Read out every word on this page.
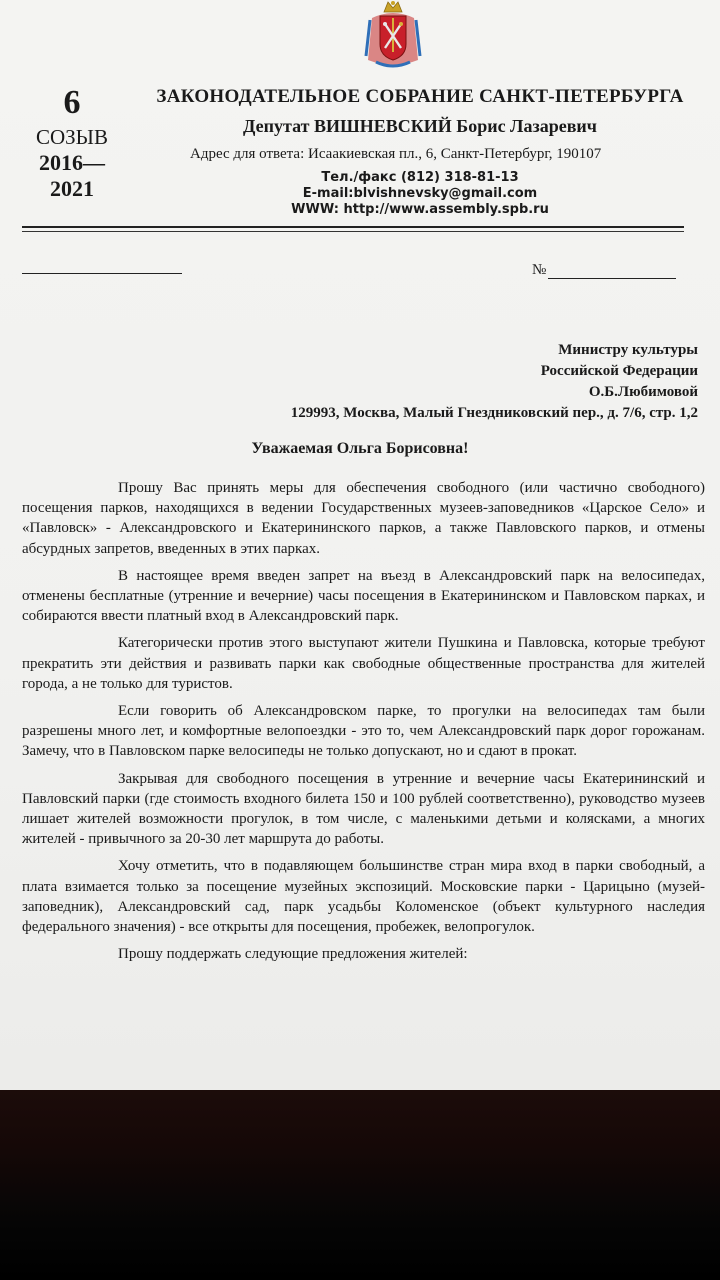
6
СОЗЫВ
2016—
2021
ЗАКОНОДАТЕЛЬНОЕ СОБРАНИЕ САНКТ-ПЕТЕРБУРГА
Депутат ВИШНЕВСКИЙ Борис Лазаревич
Адрес для ответа: Исаакиевская пл., 6, Санкт-Петербург, 190107
Тел./факс (812) 318-81-13
E-mail:blvishnevsky@gmail.com
WWW: http://www.assembly.spb.ru
№
Министру культуры
Российской Федерации
О.Б.Любимовой
129993, Москва, Малый Гнездниковский пер., д. 7/6, стр. 1,2
Уважаемая Ольга Борисовна!

Прошу Вас принять меры для обеспечения свободного (или частично свободного) посещения парков, находящихся в ведении Государственных музеев-заповедников «Царское Село» и «Павловск» - Александровского и Екатерининского парков, а также Павловского парков, и отмены абсурдных запретов, введенных в этих парках.

В настоящее время введен запрет на въезд в Александровский парк на велосипедах, отменены бесплатные (утренние и вечерние) часы посещения в Екатерининском и Павловском парках, и собираются ввести платный вход в Александровский парк.

Категорически против этого выступают жители Пушкина и Павловска, которые требуют прекратить эти действия и развивать парки как свободные общественные пространства для жителей города, а не только для туристов.

Если говорить об Александровском парке, то прогулки на велосипедах там были разрешены много лет, и комфортные велопоездки - это то, чем Александровский парк дорог горожанам. Замечу, что в Павловском парке велосипеды не только допускают, но и сдают в прокат.

Закрывая для свободного посещения в утренние и вечерние часы Екатерининский и Павловский парки (где стоимость входного билета 150 и 100 рублей соответственно), руководство музеев лишает жителей возможности прогулок, в том числе, с маленькими детьми и колясками, а многих жителей - привычного за 20-30 лет маршрута до работы.

Хочу отметить, что в подавляющем большинстве стран мира вход в парки свободный, а плата взимается только за посещение музейных экспозиций. Московские парки - Царицыно (музей-заповедник), Александровский сад, парк усадьбы Коломенское (объект культурного наследия федерального значения) - все открыты для посещения, пробежек, велопрогулок.

Прошу поддержать следующие предложения жителей:
